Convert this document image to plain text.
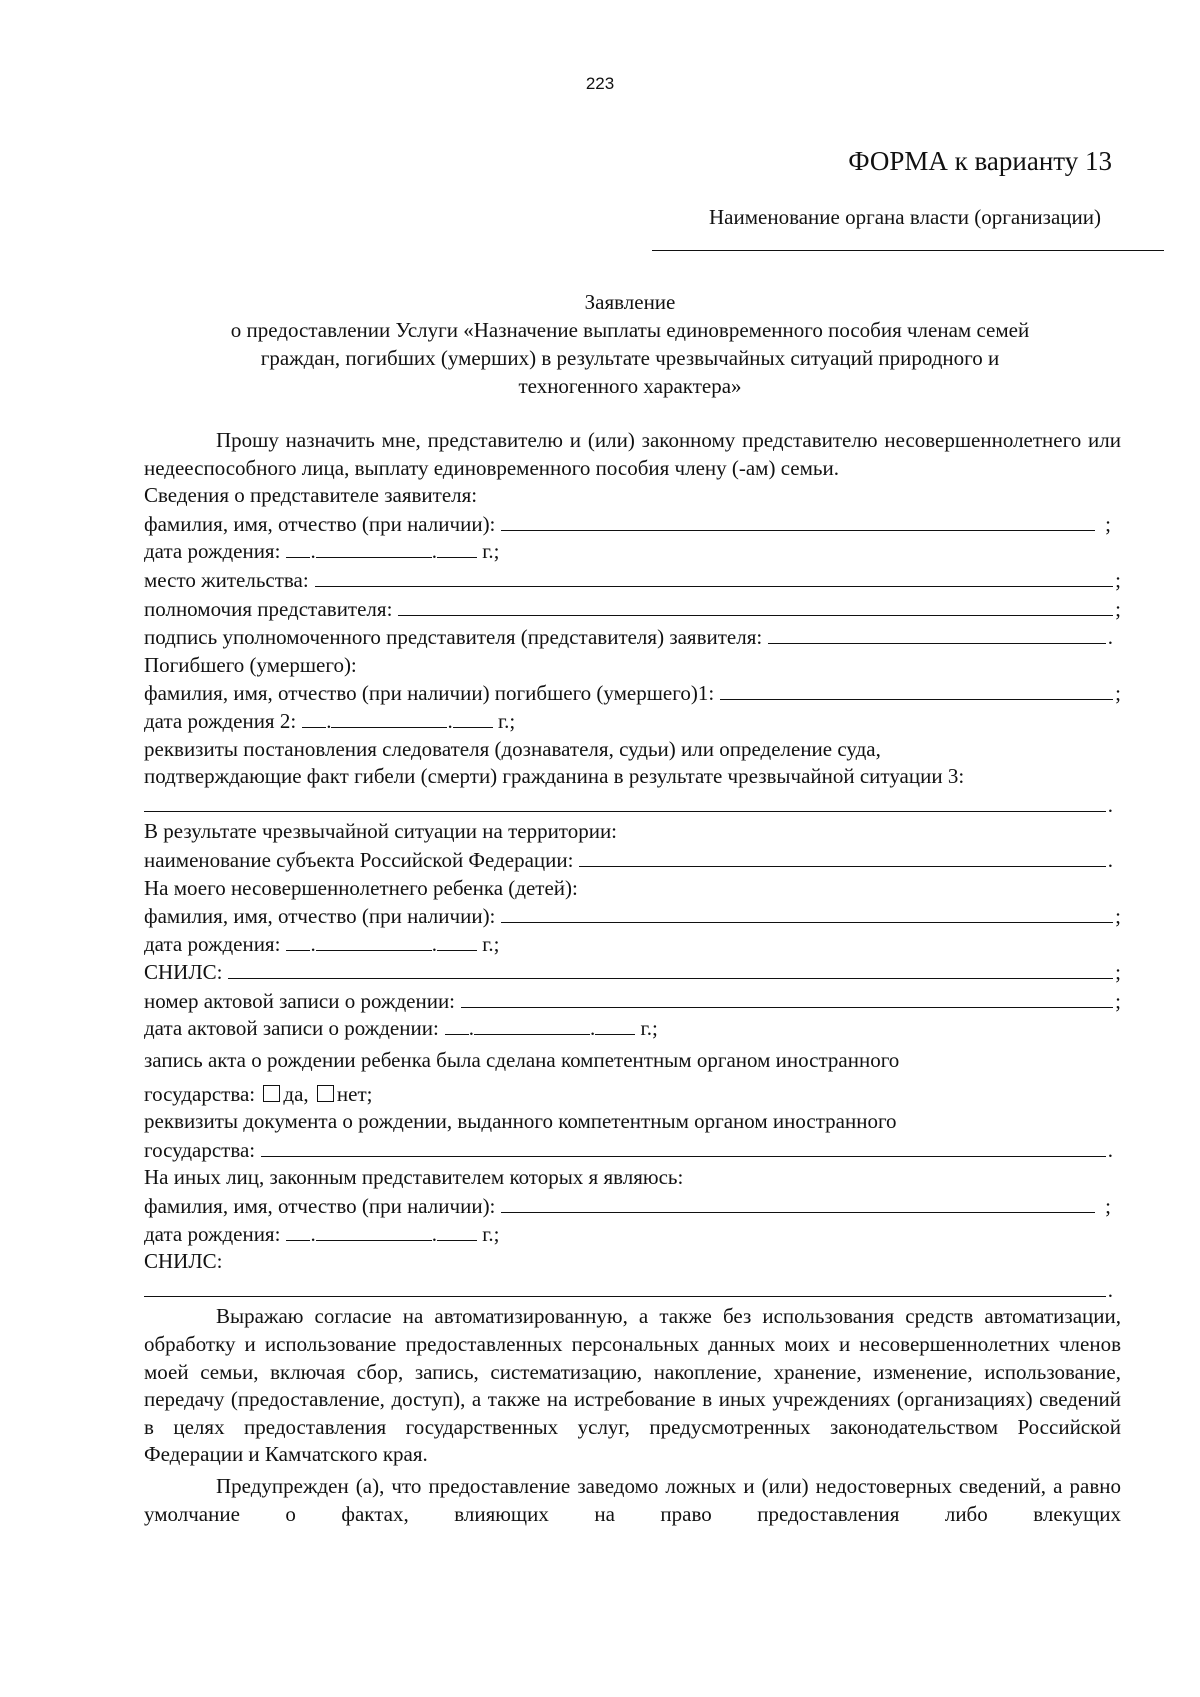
223
ФОРМА к варианту 13
Наименование органа власти (организации)
Заявление
о предоставлении Услуги «Назначение выплаты единовременного пособия членам семей
граждан, погибших (умерших) в результате чрезвычайных ситуаций природного и
техногенного характера»
Прошу назначить мне, представителю и (или) законному представителю несовершеннолетнего или недееспособного лица, выплату единовременного пособия члену (-ам) семьи.
Сведения о представителе заявителя:
фамилия, имя, отчество (при наличии):	;
дата рождения: .	. г.;
место жительства:	;
полномочия представителя:	;
подпись уполномоченного представителя (представителя) заявителя:	.
Погибшего (умершего):
фамилия, имя, отчество (при наличии) погибшего (умершего)1:	;
дата рождения 2: .	. г.;
реквизиты постановления следователя (дознавателя, судьи) или определение суда,
подтверждающие факт гибели (смерти) гражданина в результате чрезвычайной ситуации 3:
.
В результате чрезвычайной ситуации на территории:
наименование субъекта Российской Федерации:	.
На моего несовершеннолетнего ребенка (детей):
фамилия, имя, отчество (при наличии):	;
дата рождения: .	. г.;
СНИЛС:	;
номер актовой записи о рождении:	;
дата актовой записи о рождении: .	. г.;
запись акта о рождении ребенка была сделана компетентным органом иностранного
государства: да, нет;
реквизиты документа о рождении, выданного компетентным органом иностранного
государства:	.
На иных лиц, законным представителем которых я являюсь:
фамилия, имя, отчество (при наличии):	;
дата рождения: .	. г.;
СНИЛС:
.
Выражаю согласие на автоматизированную, а также без использования средств автоматизации, обработку и использование предоставленных персональных данных моих и несовершеннолетних членов моей семьи, включая сбор, запись, систематизацию, накопление, хранение, изменение, использование, передачу (предоставление, доступ), а также на истребование в иных учреждениях (организациях) сведений в целях предоставления государственных услуг, предусмотренных законодательством Российской Федерации и Камчатского края.
Предупрежден (а), что предоставление заведомо ложных и (или) недостоверных сведений, а равно умолчание о фактах, влияющих на право предоставления либо влекущих
